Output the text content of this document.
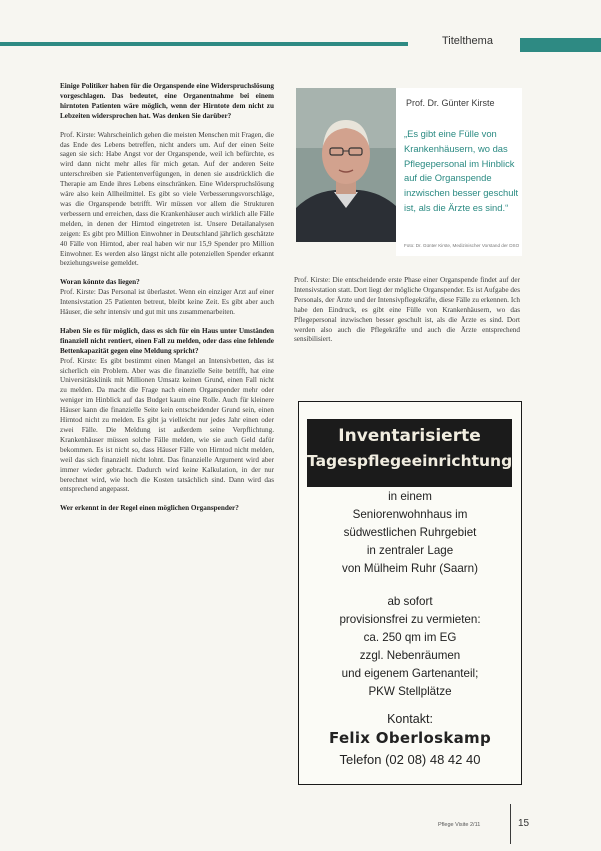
Titelthema

Einige Politiker haben für die Organspende eine Widerspruchslösung vorgeschlagen. Das bedeutet, eine Organentnahme bei einem hirntoten Patienten wäre möglich, wenn der Hirntote dem nicht zu Lebzeiten widersprochen hat. Was denken Sie darüber?

Prof. Kirste: Wahrscheinlich gehen die meisten Menschen mit Fragen, die das Ende des Lebens betreffen, nicht anders um. Auf der einen Seite sagen sie sich: Habe Angst vor der Organspende, weil ich befürchte, es wird dann nicht mehr alles für mich getan. Auf der anderen Seite unterschreiben sie Patientenverfügungen, in denen sie ausdrücklich die Therapie am Ende ihres Lebens einschränken. Eine Widerspruchslösung wäre also kein Allheilmittel. Es gibt so viele Verbesserungsvorschläge, was die Organspende betrifft. Wir müssen vor allem die Strukturen verbessern und erreichen, dass die Krankenhäuser auch wirklich alle Fälle melden, in denen der Hirntod eingetreten ist. Unsere Detailanalysen zeigen: Es gibt pro Million Einwohner in Deutschland jährlich geschätzte 40 Fälle von Hirntod, aber real haben wir nur 15,9 Spender pro Million Einwohner. Es werden also längst nicht alle potenziellen Spender erkannt beziehungsweise gemeldet.

Woran könnte das liegen?
Prof. Kirste: Das Personal ist überlastet. Wenn ein einziger Arzt auf einer Intensivstation 25 Patienten betreut, bleibt keine Zeit. Es gibt aber auch Häuser, die sehr intensiv und gut mit uns zusammenarbeiten.

Haben Sie es für möglich, dass es sich für ein Haus unter Umständen finanziell nicht rentiert, einen Fall zu melden, oder dass eine fehlende Bettenkapazität gegen eine Meldung spricht?
Prof. Kirste: Es gibt bestimmt einen Mangel an Intensivbetten, das ist sicherlich ein Problem. Aber was die finanzielle Seite betrifft, hat eine Universitätsklinik mit Millionen Umsatz keinen Grund, einen Fall nicht zu melden. Da macht die Frage nach einem Organspender mehr oder weniger im Hinblick auf das Budget kaum eine Rolle. Auch für kleinere Häuser kann die finanzielle Seite kein entscheidender Grund sein, einen Hirntod nicht zu melden. Es gibt ja vielleicht nur jedes Jahr einen oder zwei Fälle. Die Meldung ist außerdem seine Verpflichtung. Krankenhäuser müssen solche Fälle melden, wie sie auch Geld dafür bekommen. Es ist nicht so, dass Häuser Fälle von Hirntod nicht melden, weil das sich finanziell nicht lohnt. Das finanzielle Argument wird aber immer wieder gebracht. Dadurch wird keine Kalkulation, in der nur berechnet wird, wie hoch die Kosten tatsächlich sind. Dann wird das entsprechend angepasst.

Wer erkennt in der Regel einen möglichen Organspender?

Prof. Dr. Günter Kirste
„Es gibt eine Fülle von Krankenhäusern, wo das Pflegepersonal im Hinblick auf die Organspende inzwischen besser geschult ist, als die Ärzte es sind.“
Foto: Dr. Günter Kirste, Medizinischer Vorstand der DSO

Prof. Kirste: Die entscheidende erste Phase einer Organspende findet auf der Intensivstation statt. Dort liegt der mögliche Organspender. Es ist Aufgabe des Personals, der Ärzte und der Intensivpflegekräfte, diese Fälle zu erkennen. Ich habe den Eindruck, es gibt eine Fülle von Krankenhäusern, wo das Pflegepersonal inzwischen besser geschult ist, als die Ärzte es sind. Dort werden also auch die Pflegekräfte und auch die Ärzte entsprechend sensibilisiert.

Inventarisierte
Tagespflegeeinrichtung
in einem
Seniorenwohnhaus im
südwestlichen Ruhrgebiet
in zentraler Lage
von Mülheim Ruhr (Saarn)
ab sofort
provisionsfrei zu vermieten:
ca. 250 qm im EG
zzgl. Nebenräumen
und eigenem Gartenanteil;
PKW Stellplätze
Kontakt:
Felix Oberloskamp
Telefon (02 08) 48 42 40
Pflege Visite 2/11	15
